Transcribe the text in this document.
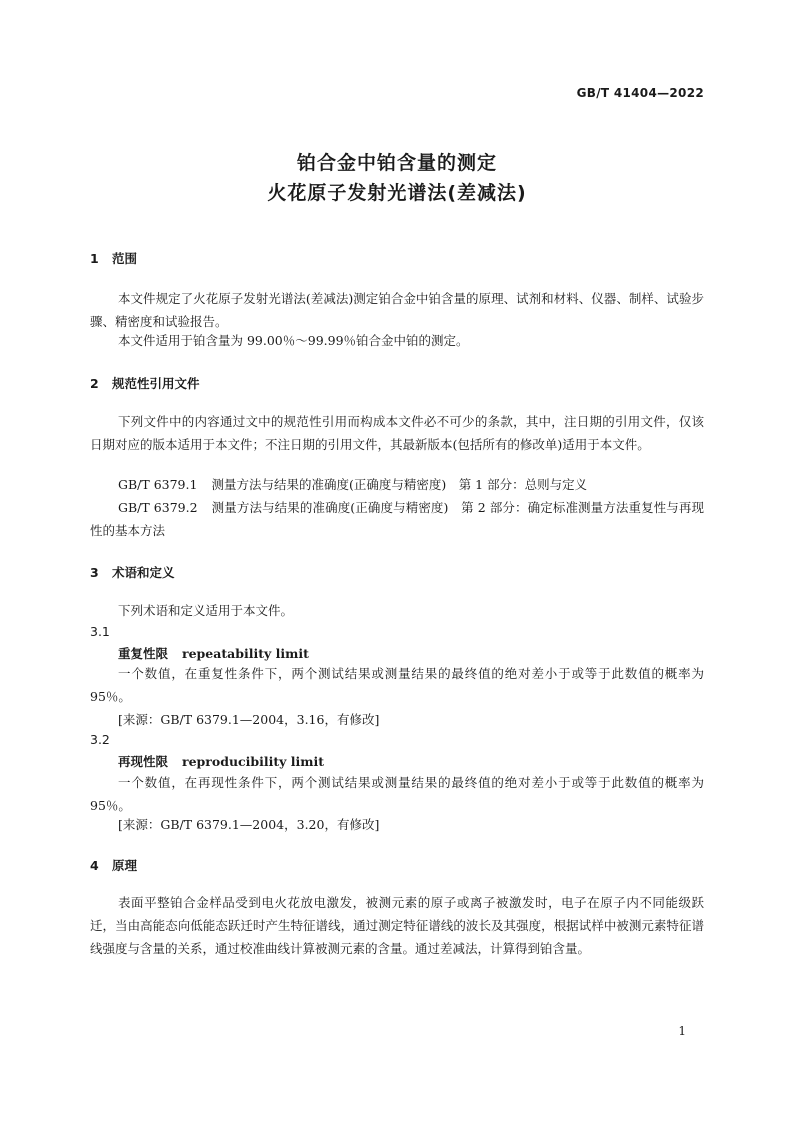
GB/T 41404—2022
铂合金中铂含量的测定
火花原子发射光谱法(差减法)
1 范围
本文件规定了火花原子发射光谱法(差减法)测定铂合金中铂含量的原理、试剂和材料、仪器、制样、试验步骤、精密度和试验报告。
本文件适用于铂含量为 99.00％～99.99％铂合金中铂的测定。
2 规范性引用文件
下列文件中的内容通过文中的规范性引用而构成本文件必不可少的条款，其中，注日期的引用文件，仅该日期对应的版本适用于本文件；不注日期的引用文件，其最新版本(包括所有的修改单)适用于本文件。
GB/T 6379.1 测量方法与结果的准确度(正确度与精密度)　第 1 部分：总则与定义
GB/T 6379.2 测量方法与结果的准确度(正确度与精密度)　第 2 部分：确定标准测量方法重复性与再现性的基本方法
3 术语和定义
下列术语和定义适用于本文件。
3.1
重复性限 repeatability limit
一个数值，在重复性条件下，两个测试结果或测量结果的最终值的绝对差小于或等于此数值的概率为 95％。
[来源：GB/T 6379.1—2004，3.16，有修改]
3.2
再现性限 reproducibility limit
一个数值，在再现性条件下，两个测试结果或测量结果的最终值的绝对差小于或等于此数值的概率为 95％。
[来源：GB/T 6379.1—2004，3.20，有修改]
4 原理
表面平整铂合金样品受到电火花放电激发，被测元素的原子或离子被激发时，电子在原子内不同能级跃迁，当由高能态向低能态跃迁时产生特征谱线，通过测定特征谱线的波长及其强度，根据试样中被测元素特征谱线强度与含量的关系，通过校准曲线计算被测元素的含量。通过差减法，计算得到铂含量。
1
